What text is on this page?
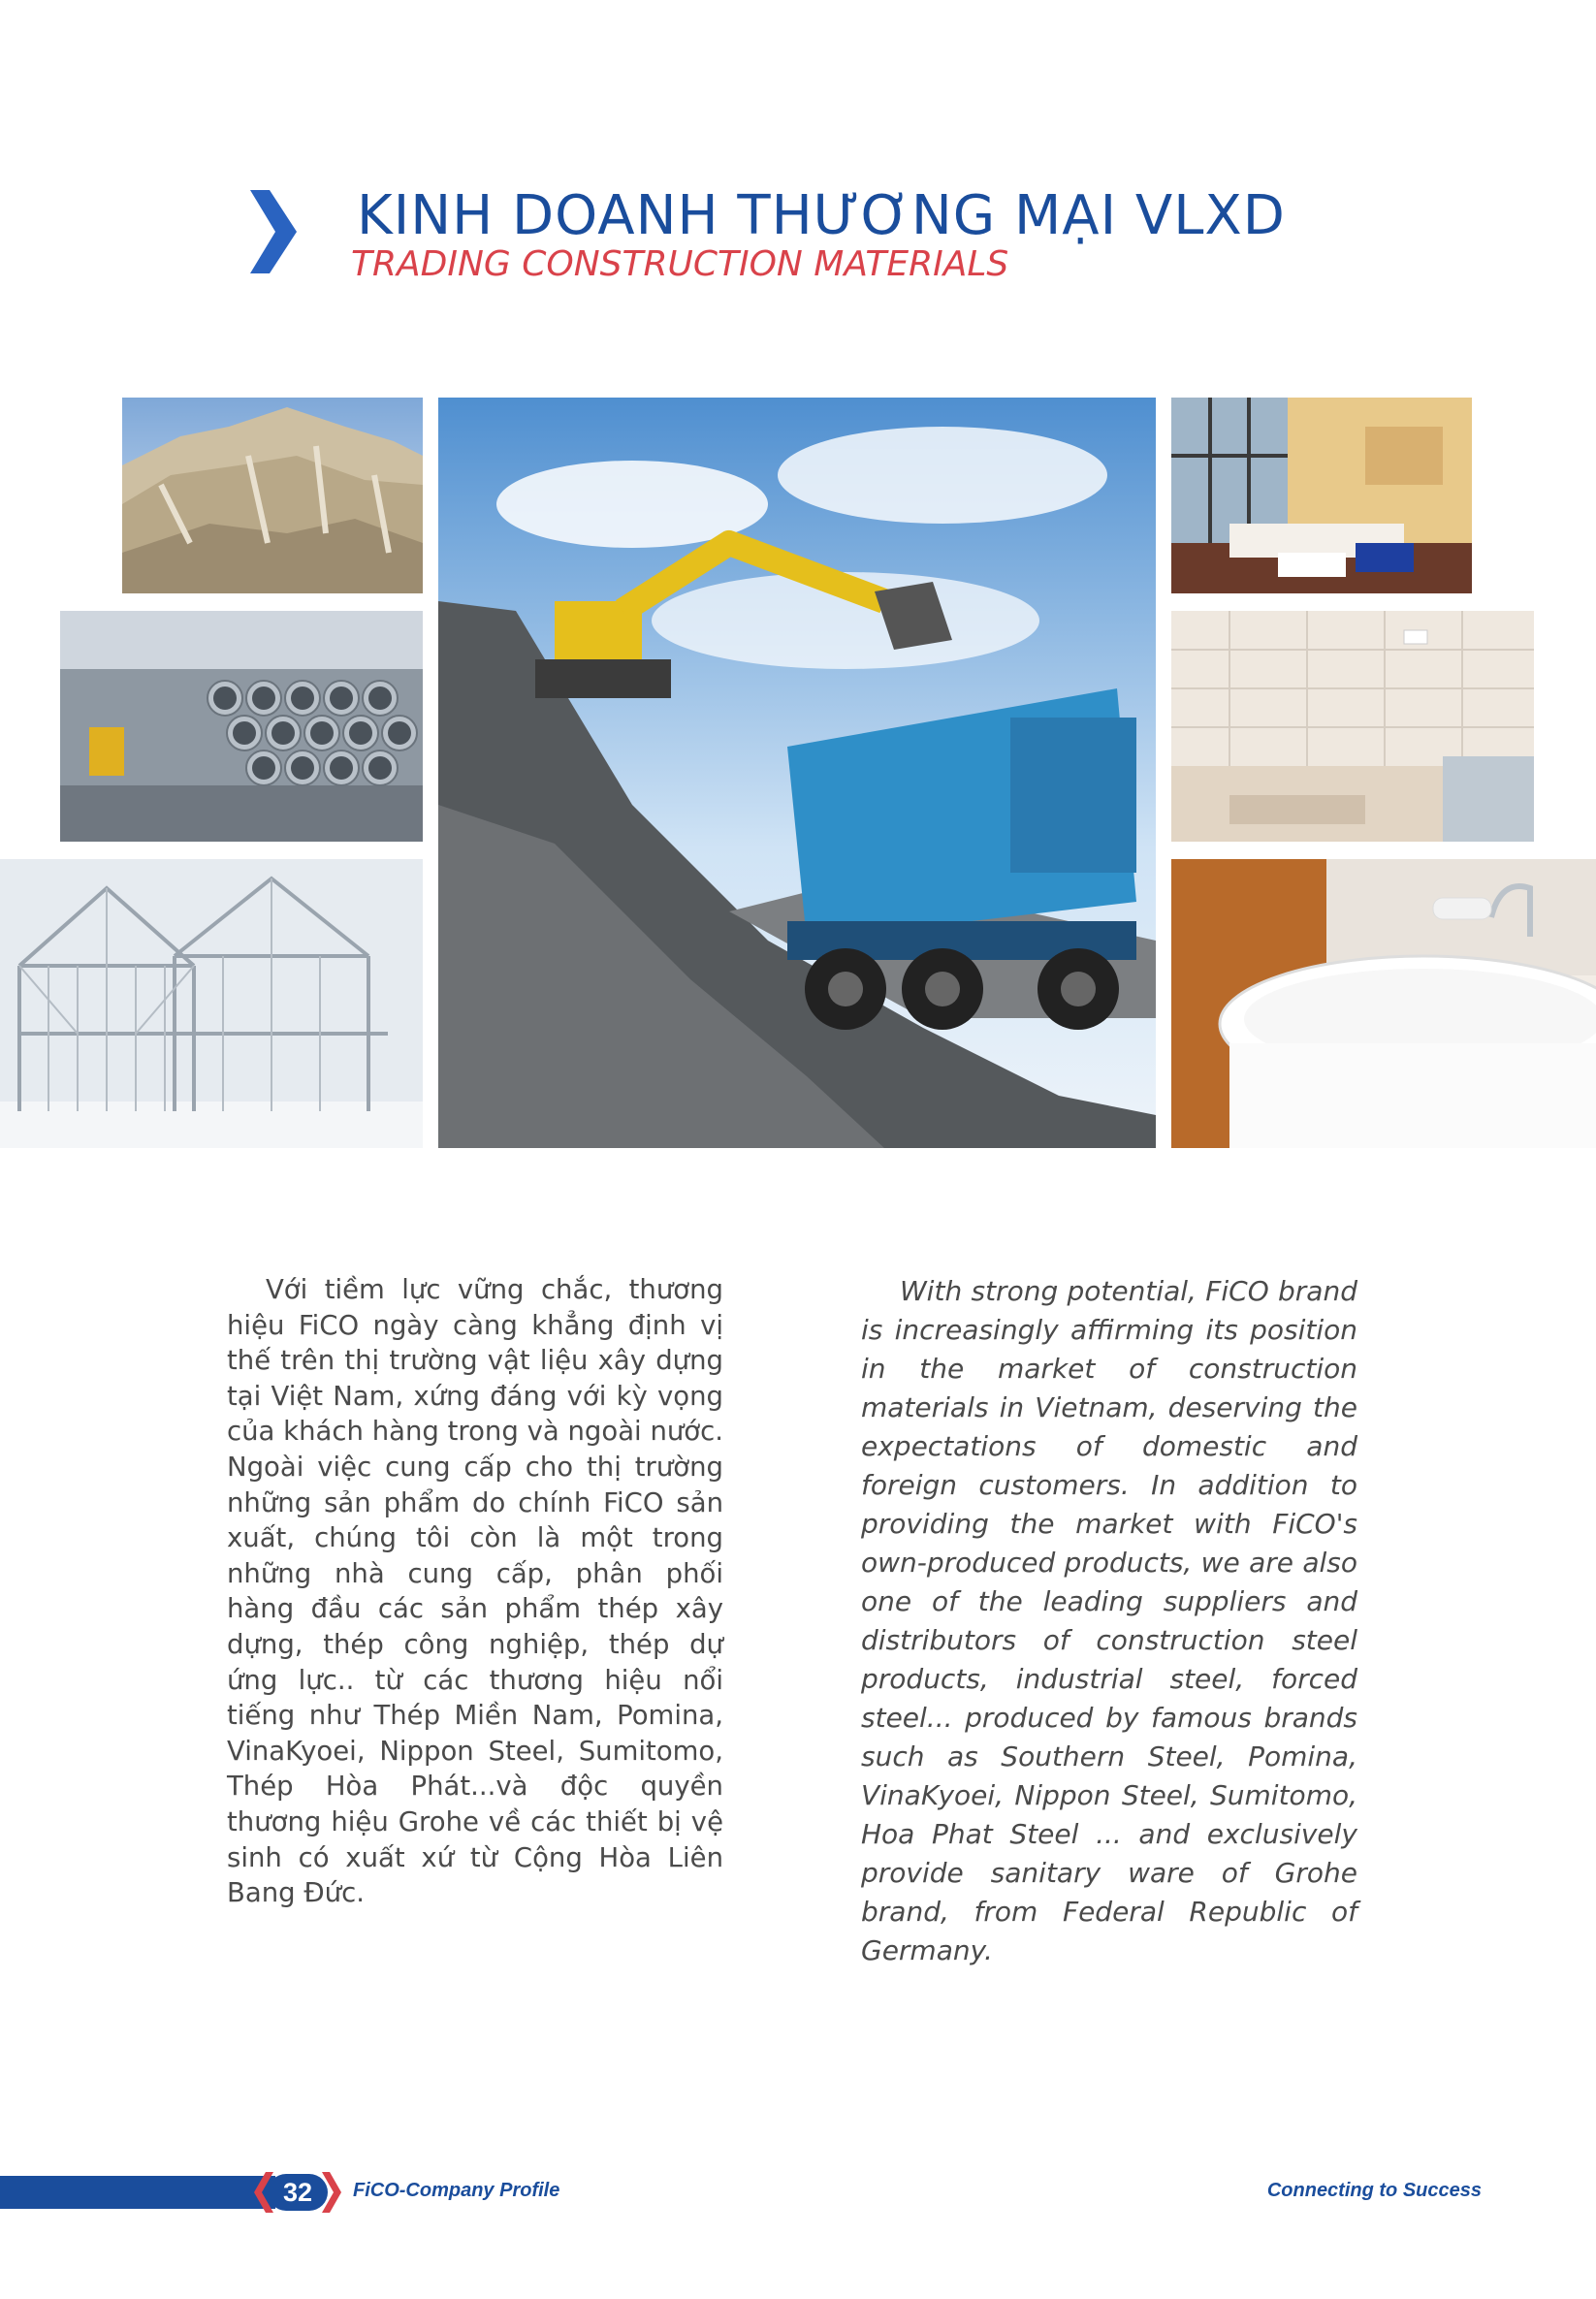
KINH DOANH THƯƠNG MẠI VLXD
TRADING CONSTRUCTION MATERIALS

Với tiềm lực vững chắc, thương hiệu FiCO ngày càng khẳng định vị thế trên thị trường vật liệu xây dựng tại Việt Nam, xứng đáng với kỳ vọng của khách hàng trong và ngoài nước. Ngoài việc cung cấp cho thị trường những sản phẩm do chính FiCO sản xuất, chúng tôi còn là một trong những nhà cung cấp, phân phối hàng đầu các sản phẩm thép xây dựng, thép công nghiệp, thép dự ứng lực.. từ các thương hiệu nổi tiếng như Thép Miền Nam, Pomina, VinaKyoei, Nippon Steel, Sumitomo, Thép Hòa Phát...và độc quyền thương hiệu Grohe về các thiết bị vệ sinh có xuất xứ từ Cộng Hòa Liên Bang Đức.

With strong potential, FiCO brand is increasingly affirming its position in the market of construction materials in Vietnam, deserving the expectations of domestic and foreign customers. In addition to providing the market with FiCO's own-produced products, we are also one of the leading suppliers and distributors of construction steel products, industrial steel, forced steel... produced by famous brands such as Southern Steel, Pomina, VinaKyoei, Nippon Steel, Sumitomo, Hoa Phat Steel ... and exclusively provide sanitary ware of Grohe brand, from Federal Republic of Germany.

32	FiCO-Company Profile	Connecting to Success
